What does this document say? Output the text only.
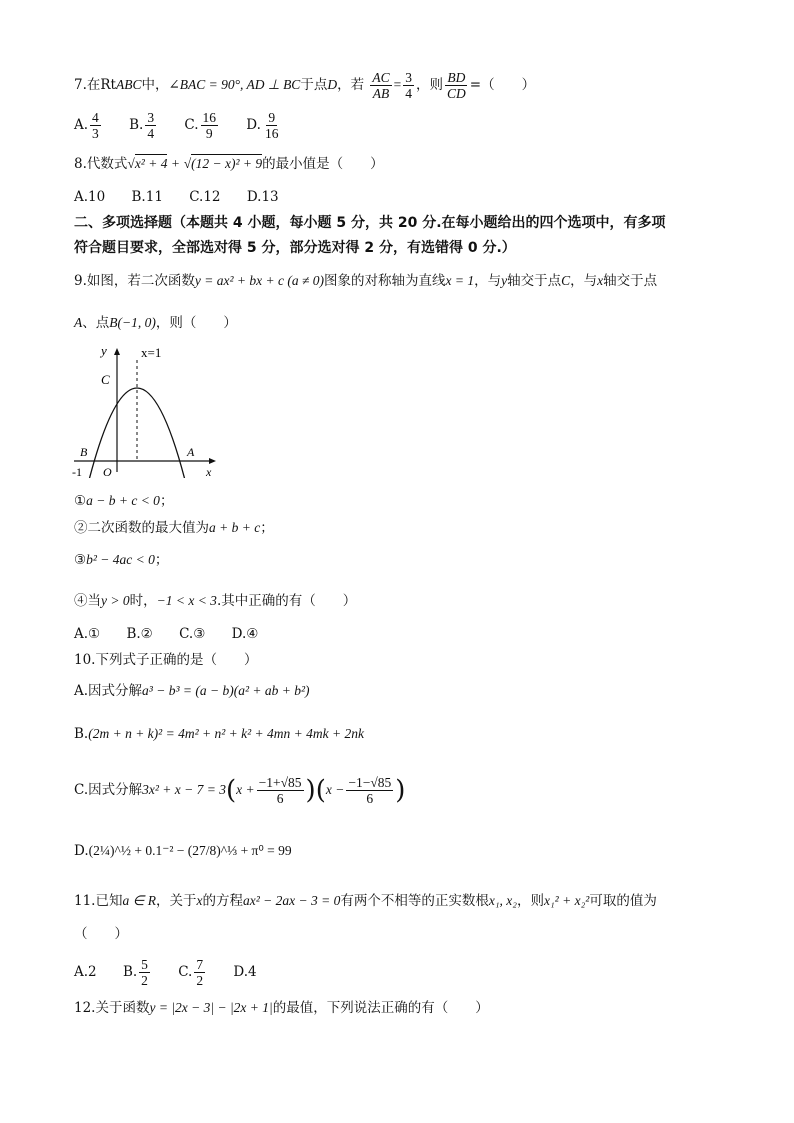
7.在RtABC中，∠BAC = 90°, AD ⊥ BC于点D，若 $\frac{AC}{AB} = \frac{3}{4}$ ，则 $\frac{BD}{CD}$ =（　　）
A. $\frac{4}{3} B$. $\frac{3}{4} C$. $\frac{16}{9} D$. $\frac{9}{16}$
8.代数式√x² + 4 + √(12 − x)² + 9的最小值是（　　）
A.10 B.11 C.12 D.13
二、多项选择题（本题共 4 小题，每小题 5 分，共 20 分.在每小题给出的四个选项中，有多项
符合题目要求，全部选对得 5 分，部分选对得 2 分，有选错得 0 分.）
9.如图，若二次函数y = ax² + bx + c (a ≠ 0)图象的对称轴为直线x = 1，与y轴交于点C，与x轴交于点
A、点B(−1, 0)，则（　　）
y	x=1
C
B	A
-1 O	x
①a − b + c < 0；
②二次函数的最大值为a + b + c；
③b² − 4ac < 0；
④当y > 0时，−1 < x < 3.其中正确的有（　　）
A.① B.② C.③ D.④
10.下列式子正确的是（　　）
A.因式分解a³ − b³ = (a − b)(a² + ab + b²)
B.(2m + n + k)² = 4m² + n² + k² + 4mn + 4mk + 2nk
C.因式分解$3x^2 + x - 7 = 3(x + \frac{-1+√85}{6} )(x - \frac{-1-√85}{6}$ )
D.(2¼)^½ + 0.1⁻² − (27/8)^⅓ + π⁰ = 99
11.已知a ∈ R，关于x的方程ax² − 2ax − 3 = 0有两个不相等的正实数根x₁, x₂，则x₁² + x₂²可取的值为
（　　）
A.2 B. $\frac{5}{2} C$. $\frac{7}{2} D.4$
12.关于函数y = |2x − 3| − |2x + 1|的最值，下列说法正确的有（　　）
